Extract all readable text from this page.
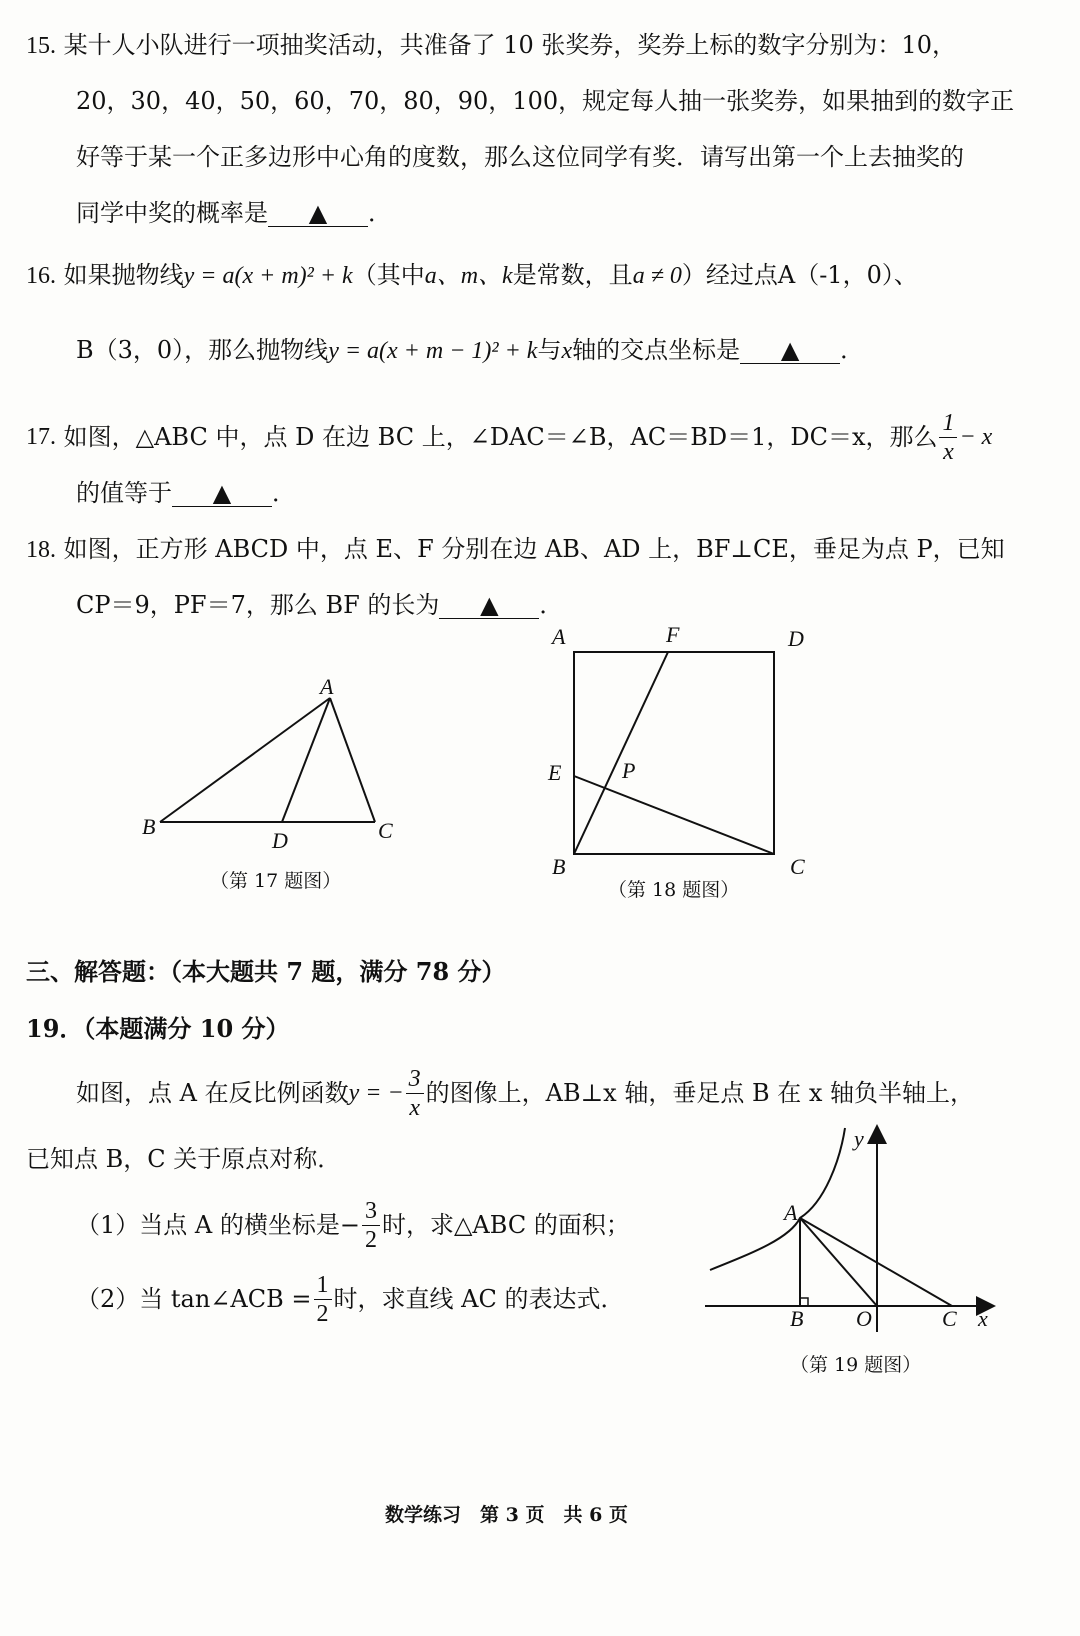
15. 某十人小队进行一项抽奖活动，共准备了 10 张奖券，奖券上标的数字分别为：10，
20，30，40，50，60，70，80，90，100，规定每人抽一张奖券，如果抽到的数字正
好等于某一个正多边形中心角的度数，那么这位同学有奖．请写出第一个上去抽奖的
同学中奖的概率是 ▲ ．
16. 如果抛物线y = a(x + m)² + k（其中a、m、k是常数，且a ≠ 0）经过点A（-1，0）、
B（3，0），那么抛物线y = a(x + m − 1)² + k与x轴的交点坐标是 ▲ ．
17.
如图，△ABC 中，点 D 在边 BC 上，∠DAC＝∠B，AC＝BD＝1，DC＝x，那么 $\frac{1}{x} - x$
的值等于 ▲ ．
18. 如图，正方形 ABCD 中，点 E、F 分别在边 AB、AD 上，BF⊥CE，垂足为点 P，已知
CP＝9，PF＝7，那么 BF 的长为 ▲ ．
A
B
D	C
（第 17 题图）
A	F	D
E	P
B	C
（第 18 题图）
三、解答题：（本大题共 7 题，满分 78 分）
19．（本题满分 10 分）
如图，点 A 在反比例函数 y = − $\frac{3}{x}$ 的图像上，AB⊥x 轴，垂足点 B 在 x 轴负半轴上，
已知点 B，C 关于原点对称．
（1）当点 A 的横坐标是 − $\frac{3}{2}$ 时，求△ABC 的面积；
（2）当 tan∠ACB = $\frac{1}{2}$ 时，求直线 AC 的表达式．
y
A
B O	C x
（第 19 题图）
数学练习　第 3 页　共 6 页
